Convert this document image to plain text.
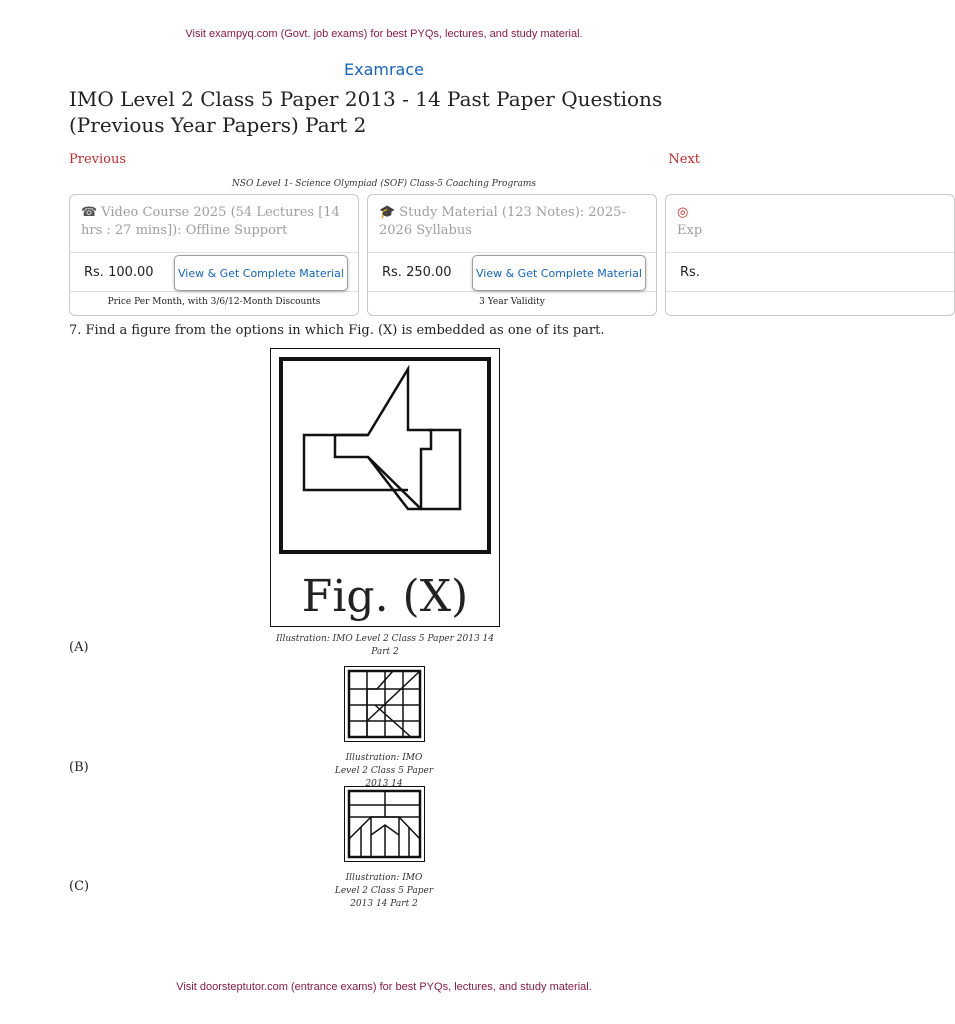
Visit exampyq.com (Govt. job exams) for best PYQs, lectures, and study material.
Examrace
IMO Level 2 Class 5 Paper 2013 - 14 Past Paper Questions (Previous Year Papers) Part 2
Previous	Next
NSO Level 1- Science Olympiad (SOF) Class-5 Coaching Programs
☎ Video Course 2025 (54 Lectures [14 hrs : 27 mins]): Offline Support
Rs. 100.00	View & Get Complete Material
Price Per Month, with 3/6/12-Month Discounts
🎓 Study Material (123 Notes): 2025-2026 Syllabus
Rs. 250.00	View & Get Complete Material
3 Year Validity
◎
Exp
Rs.
7. Find a figure from the options in which Fig. (X) is embedded as one of its part.
Fig. (X)
Illustration: IMO Level 2 Class 5 Paper 2013 14 Part 2
(A)
Illustration: IMO Level 2 Class 5 Paper 2013 14
(B)
Illustration: IMO Level 2 Class 5 Paper 2013 14 Part 2
(C)
Visit doorsteptutor.com (entrance exams) for best PYQs, lectures, and study material.
